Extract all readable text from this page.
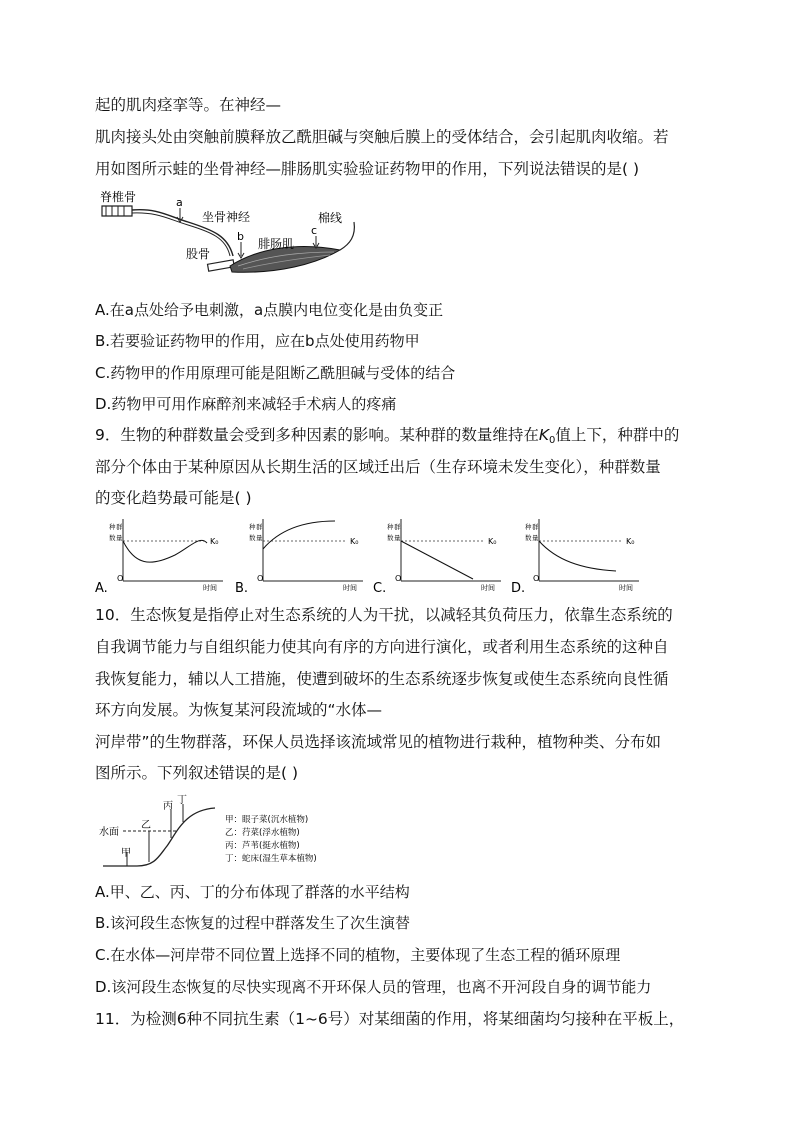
起的肌肉痉挛等。在神经—
肌肉接头处由突触前膜释放乙酰胆碱与突触后膜上的受体结合，会引起肌肉收缩。若
用如图所示蛙的坐骨神经—腓肠肌实验验证药物甲的作用，下列说法错误的是( )
脊椎骨	a
坐骨神经	棉线
c
b
腓肠肌
股骨
A.在a点处给予电刺激，a点膜内电位变化是由负变正
B.若要验证药物甲的作用，应在b点处使用药物甲
C.药物甲的作用原理可能是阻断乙酰胆碱与受体的结合
D.药物甲可用作麻醉剂来减轻手术病人的疼痛
9．生物的种群数量会受到多种因素的影响。某种群的数量维持在$K_0$值上下，种群中的
部分个体由于某种原因从长期生活的区域迁出后（生存环境未发生变化），种群数量
的变化趋势最可能是( )
种 群
数 量	K₀
O
时间
A.
种 群
数 量	K₀
O
时间
B.
种 群
数 量	K₀
O
时间
C.
种 群
数 量	K₀
O
时间
D.
10．生态恢复是指停止对生态系统的人为干扰，以减轻其负荷压力，依靠生态系统的
自我调节能力与自组织能力使其向有序的方向进行演化，或者利用生态系统的这种自
我恢复能力，辅以人工措施，使遭到破坏的生态系统逐步恢复或使生态系统向良性循
环方向发展。为恢复某河段流域的“水体—
河岸带”的生物群落，环保人员选择该流域常见的植物进行栽种，植物种类、分布如
图所示。下列叙述错误的是( )
水面
甲
乙
丙
丁
甲：眼子菜(沉水植物)
乙：荇菜(浮水植物)
丙：芦苇(挺水植物)
丁：蛇床(湿生草本植物)
A.甲、乙、丙、丁的分布体现了群落的水平结构
B.该河段生态恢复的过程中群落发生了次生演替
C.在水体—河岸带不同位置上选择不同的植物，主要体现了生态工程的循环原理
D.该河段生态恢复的尽快实现离不开环保人员的管理，也离不开河段自身的调节能力
11．为检测6种不同抗生素（1~6号）对某细菌的作用，将某细菌均匀接种在平板上，
